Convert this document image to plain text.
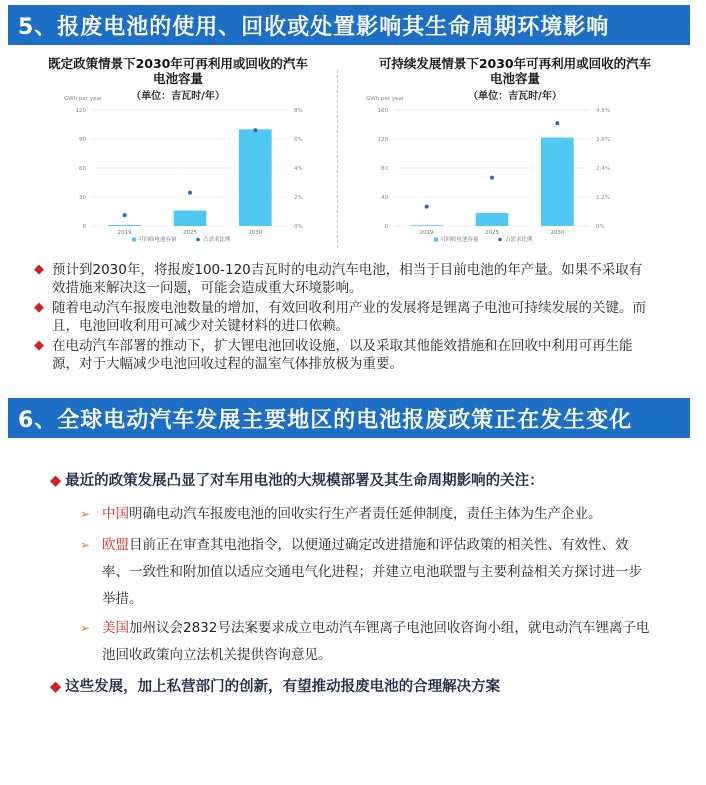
5、报废电池的使用、回收或处置影响其生命周期环境影响
既定政策情景下2030年可再利用或回收的汽车
电池容量
（单位：吉瓦时/年）
GWh per year
0	0%
30	2%
60	4%
90	6%
120	8%
2019	2025	2030
可回收电池容量	占需求比例
可持续发展情景下2030年可再利用或回收的汽车
电池容量
（单位：吉瓦时/年）
GWh per year
0	0%
40	1.2%
80	2.4%
120	3.6%
160	4.8%
2019	2025	2030
可回收电池容量	占需求比例
◆ 预计到2030年，将报废100-120吉瓦时的电动汽车电池，相当于目前电池的年产量。如果不采取有效措施来解决这一问题，可能会造成重大环境影响。
◆ 随着电动汽车报废电池数量的增加，有效回收利用产业的发展将是锂离子电池可持续发展的关键。而且，电池回收利用可减少对关键材料的进口依赖。
◆ 在电动汽车部署的推动下，扩大锂电池回收设施，以及采取其他能效措施和在回收中利用可再生能源，对于大幅减少电池回收过程的温室气体排放极为重要。
6、全球电动汽车发展主要地区的电池报废政策正在发生变化
◆ 最近的政策发展凸显了对车用电池的大规模部署及其生命周期影响的关注：
➢ 中国明确电动汽车报废电池的回收实行生产者责任延伸制度，责任主体为生产企业。
➢ 欧盟目前正在审查其电池指令，以便通过确定改进措施和评估政策的相关性、有效性、效率、一致性和附加值以适应交通电气化进程；并建立电池联盟与主要利益相关方探讨进一步举措。
➢ 美国加州议会2832号法案要求成立电动汽车锂离子电池回收咨询小组，就电动汽车锂离子电池回收政策向立法机关提供咨询意见。
◆ 这些发展，加上私营部门的创新，有望推动报废电池的合理解决方案
